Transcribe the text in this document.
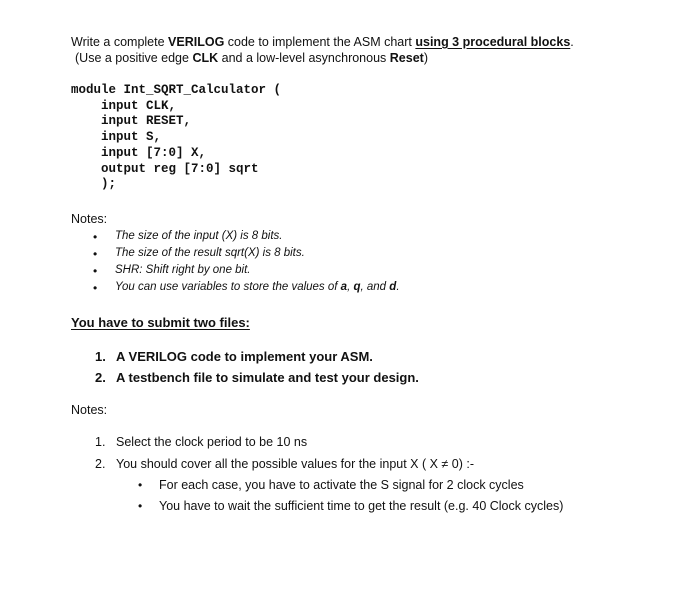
Write a complete VERILOG code to implement the ASM chart using 3 procedural blocks.
(Use a positive edge CLK and a low-level asynchronous Reset)
module Int_SQRT_Calculator (
input CLK,
input RESET,
input S,
input [7:0] X,
output reg [7:0] sqrt
);
Notes:
• The size of the input (X) is 8 bits.
• The size of the result sqrt(X) is 8 bits.
• SHR: Shift right by one bit.
• You can use variables to store the values of a, q, and d.
You have to submit two files:
1. A VERILOG code to implement your ASM.
2. A testbench file to simulate and test your design.
Notes:
1. Select the clock period to be 10 ns
2. You should cover all the possible values for the input X ( X ≠ 0) :-
• For each case, you have to activate the S signal for 2 clock cycles
• You have to wait the sufficient time to get the result (e.g. 40 Clock cycles)
